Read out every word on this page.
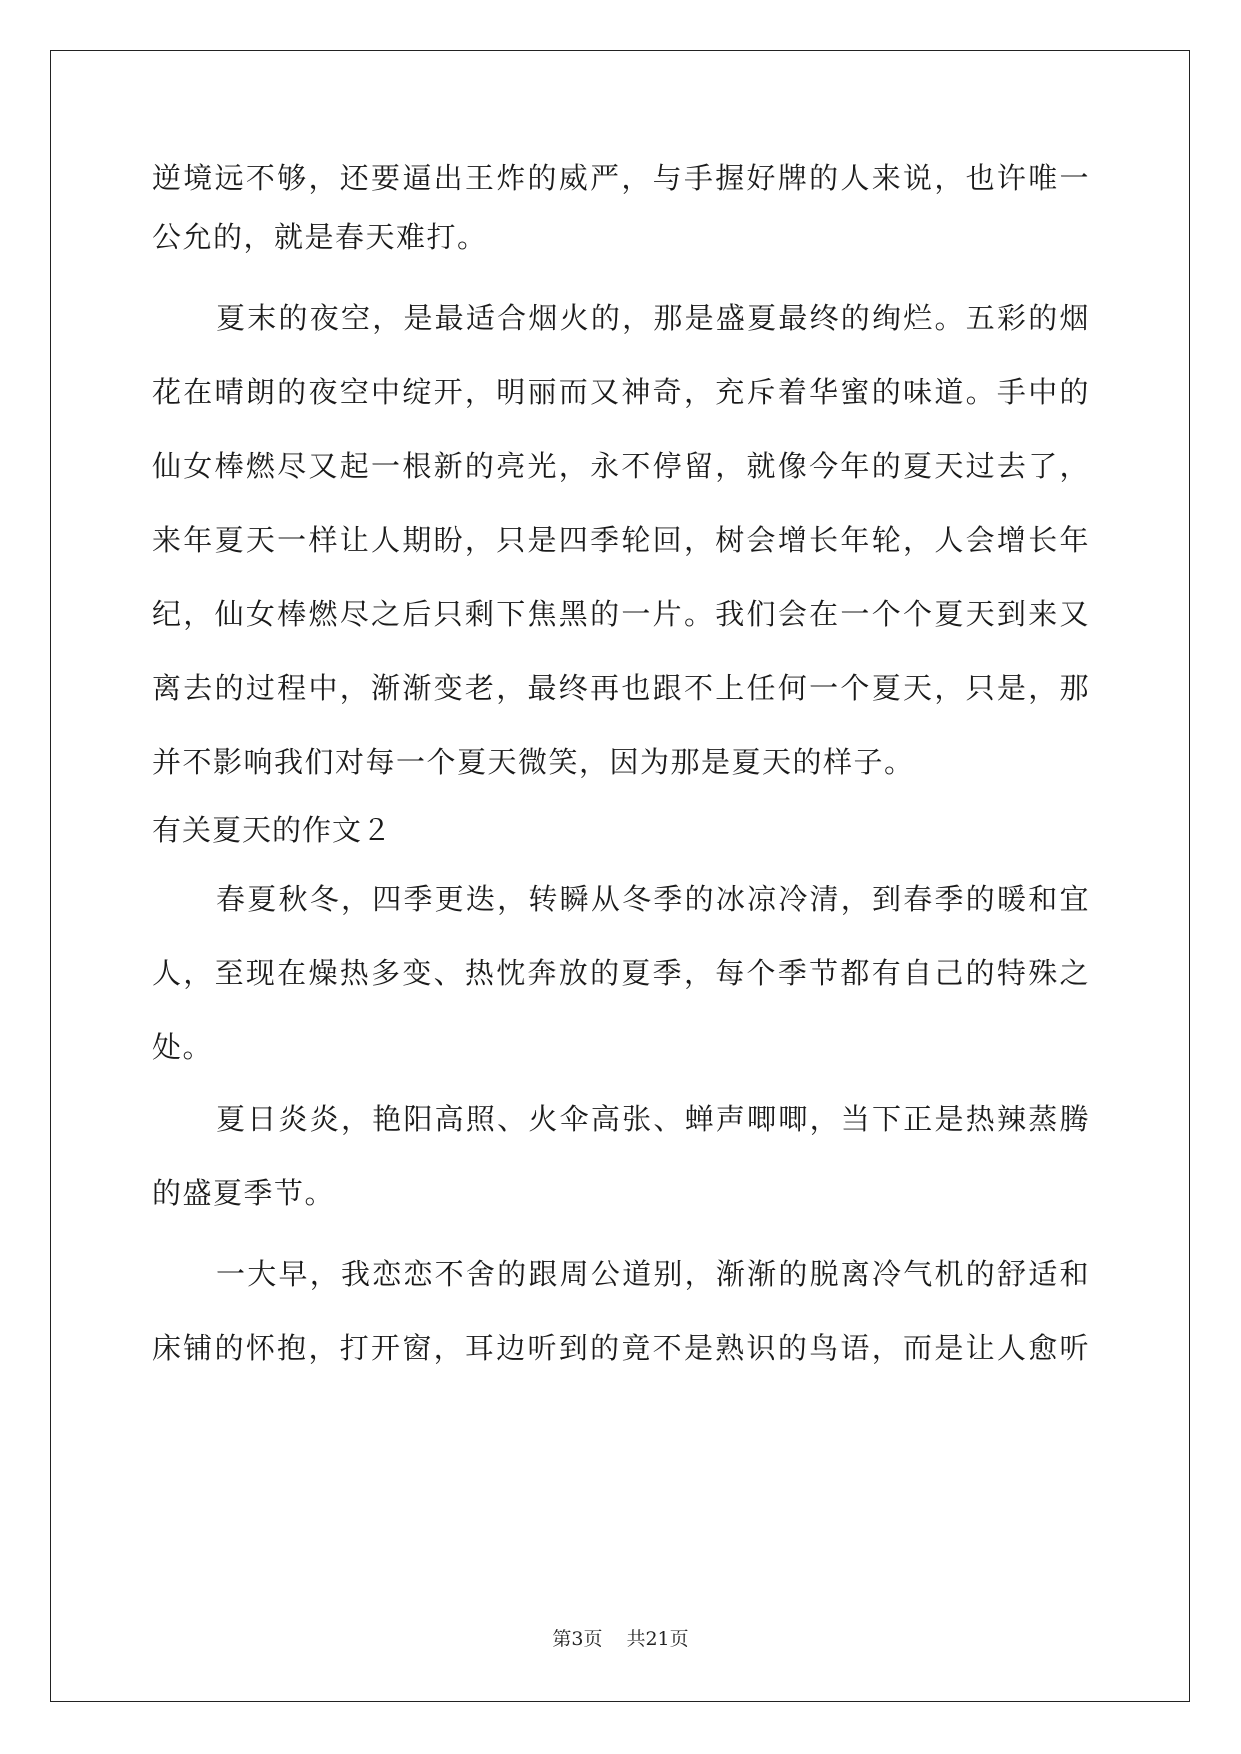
逆境远不够，还要逼出王炸的威严，与手握好牌的人来说，也许唯一
公允的，就是春天难打。
夏末的夜空，是最适合烟火的，那是盛夏最终的绚烂。五彩的烟
花在晴朗的夜空中绽开，明丽而又神奇，充斥着华蜜的味道。手中的
仙女棒燃尽又起一根新的亮光，永不停留，就像今年的夏天过去了，
来年夏天一样让人期盼，只是四季轮回，树会增长年轮，人会增长年
纪，仙女棒燃尽之后只剩下焦黑的一片。我们会在一个个夏天到来又
离去的过程中，渐渐变老，最终再也跟不上任何一个夏天，只是，那
并不影响我们对每一个夏天微笑，因为那是夏天的样子。
有关夏天的作文２
春夏秋冬，四季更迭，转瞬从冬季的冰凉冷清，到春季的暖和宜
人，至现在燥热多变、热忱奔放的夏季，每个季节都有自己的特殊之
处。
夏日炎炎，艳阳高照、火伞高张、蝉声唧唧，当下正是热辣蒸腾
的盛夏季节。
一大早，我恋恋不舍的跟周公道别，渐渐的脱离冷气机的舒适和
床铺的怀抱，打开窗，耳边听到的竟不是熟识的鸟语，而是让人愈听
第3页 共21页
